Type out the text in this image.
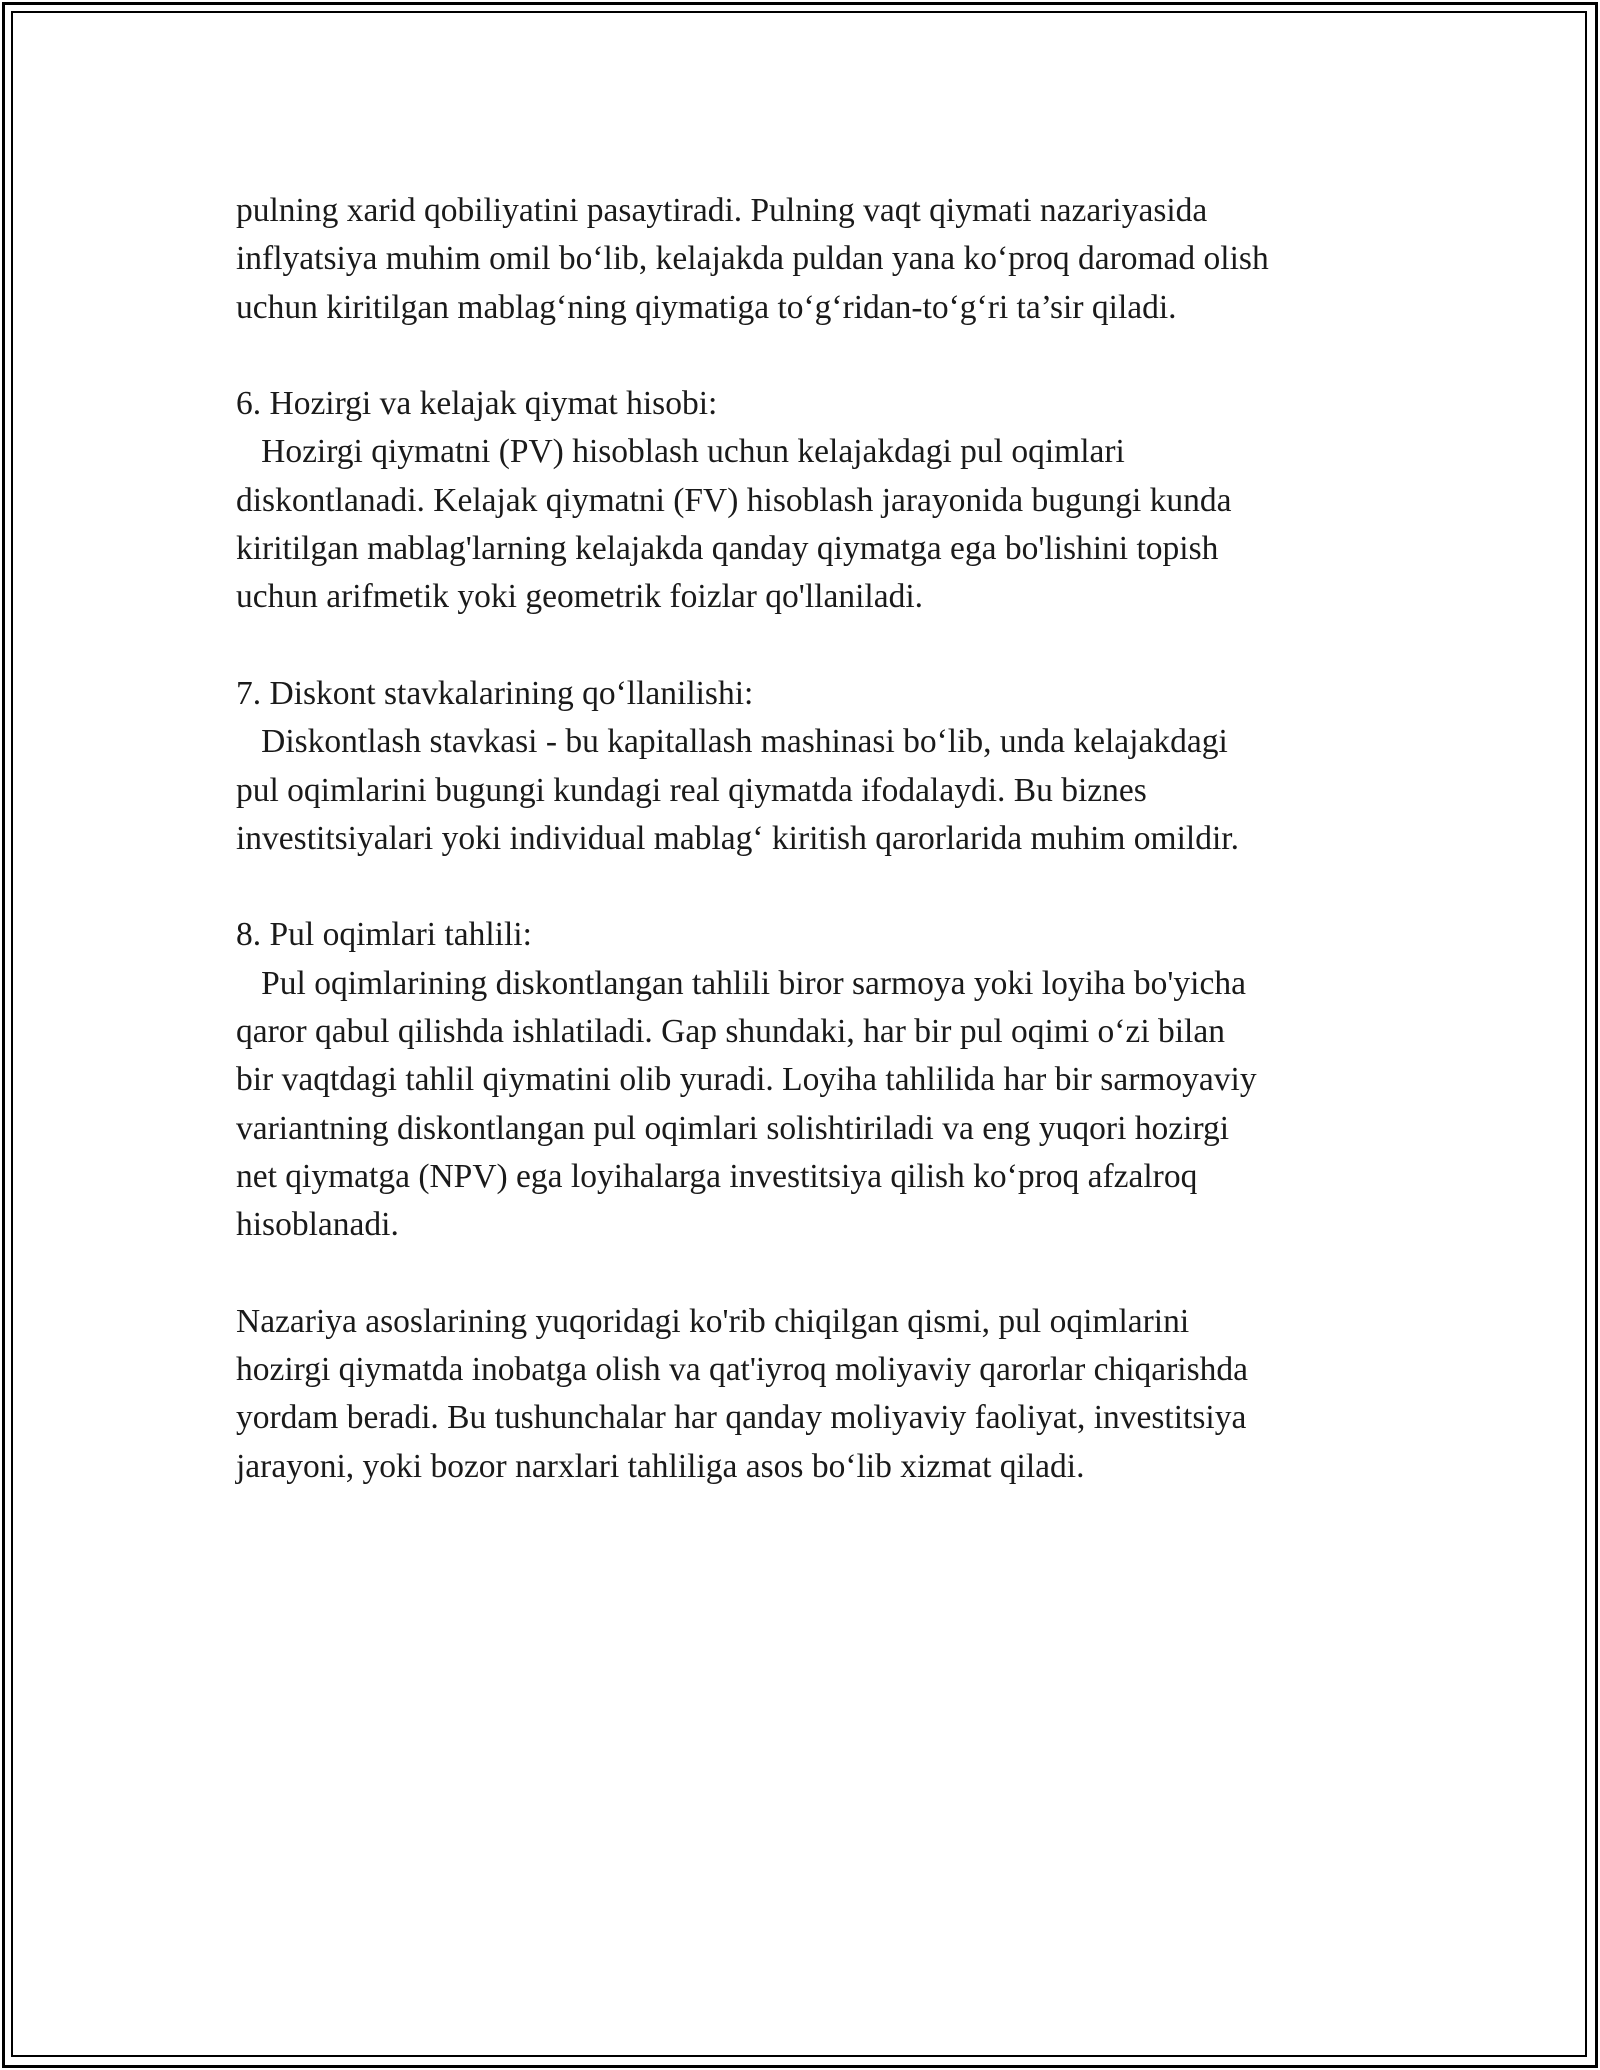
pulning xarid qobiliyatini pasaytiradi. Pulning vaqt qiymati nazariyasida
inflyatsiya muhim omil bo‘lib, kelajakda puldan yana ko‘proq daromad olish
uchun kiritilgan mablag‘ning qiymatiga to‘g‘ridan-to‘g‘ri ta’sir qiladi.
6. Hozirgi va kelajak qiymat hisobi:
Hozirgi qiymatni (PV) hisoblash uchun kelajakdagi pul oqimlari
diskontlanadi. Kelajak qiymatni (FV) hisoblash jarayonida bugungi kunda
kiritilgan mablag'larning kelajakda qanday qiymatga ega bo'lishini topish
uchun arifmetik yoki geometrik foizlar qo'llaniladi.
7. Diskont stavkalarining qo‘llanilishi:
Diskontlash stavkasi - bu kapitallash mashinasi bo‘lib, unda kelajakdagi
pul oqimlarini bugungi kundagi real qiymatda ifodalaydi. Bu biznes
investitsiyalari yoki individual mablag‘ kiritish qarorlarida muhim omildir.
8. Pul oqimlari tahlili:
Pul oqimlarining diskontlangan tahlili biror sarmoya yoki loyiha bo'yicha
qaror qabul qilishda ishlatiladi. Gap shundaki, har bir pul oqimi o‘zi bilan
bir vaqtdagi tahlil qiymatini olib yuradi. Loyiha tahlilida har bir sarmoyaviy
variantning diskontlangan pul oqimlari solishtiriladi va eng yuqori hozirgi
net qiymatga (NPV) ega loyihalarga investitsiya qilish ko‘proq afzalroq
hisoblanadi.
Nazariya asoslarining yuqoridagi ko'rib chiqilgan qismi, pul oqimlarini
hozirgi qiymatda inobatga olish va qat'iyroq moliyaviy qarorlar chiqarishda
yordam beradi. Bu tushunchalar har qanday moliyaviy faoliyat, investitsiya
jarayoni, yoki bozor narxlari tahliliga asos bo‘lib xizmat qiladi.
